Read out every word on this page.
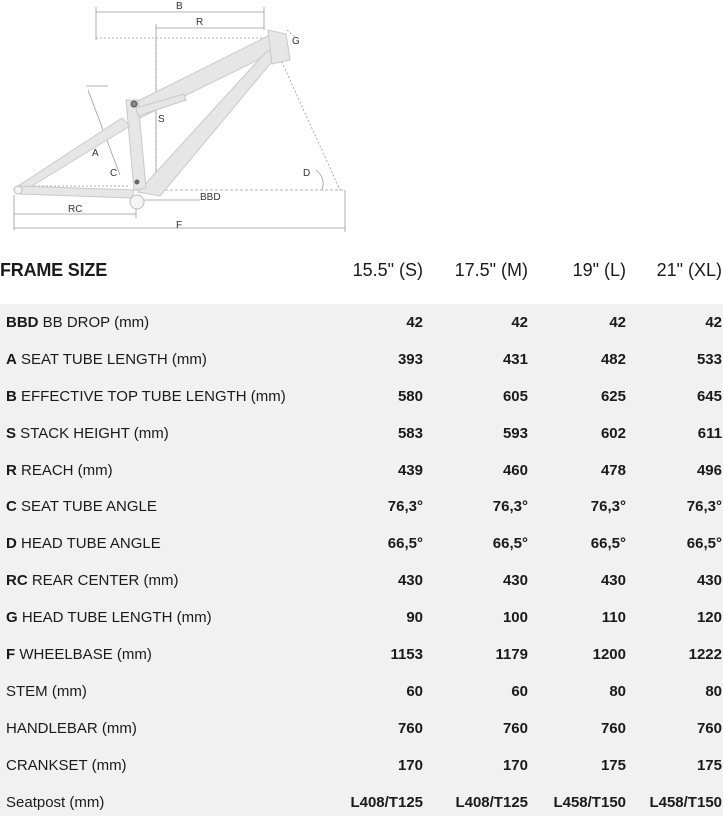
B
R
G
S
A
C	D
BBD
RC
F
FRAME SIZE	15.5" (S)	17.5" (M)	19" (L)	21" (XL)
BBD BB DROP (mm)	42	42	42	42
A SEAT TUBE LENGTH (mm)	393	431	482	533
B EFFECTIVE TOP TUBE LENGTH (mm)	580	605	625	645
S STACK HEIGHT (mm)	583	593	602	611
R REACH (mm)	439	460	478	496
C SEAT TUBE ANGLE	76,3°	76,3°	76,3°	76,3°
D HEAD TUBE ANGLE	66,5°	66,5°	66,5°	66,5°
RC REAR CENTER (mm)	430	430	430	430
G HEAD TUBE LENGTH (mm)	90	100	110	120
F WHEELBASE (mm)	1153	1179	1200	1222
STEM (mm)	60	60	80	80
HANDLEBAR (mm)	760	760	760	760
CRANKSET (mm)	170	170	175	175
Seatpost (mm)	L408/T125	L408/T125	L458/T150	L458/T150
